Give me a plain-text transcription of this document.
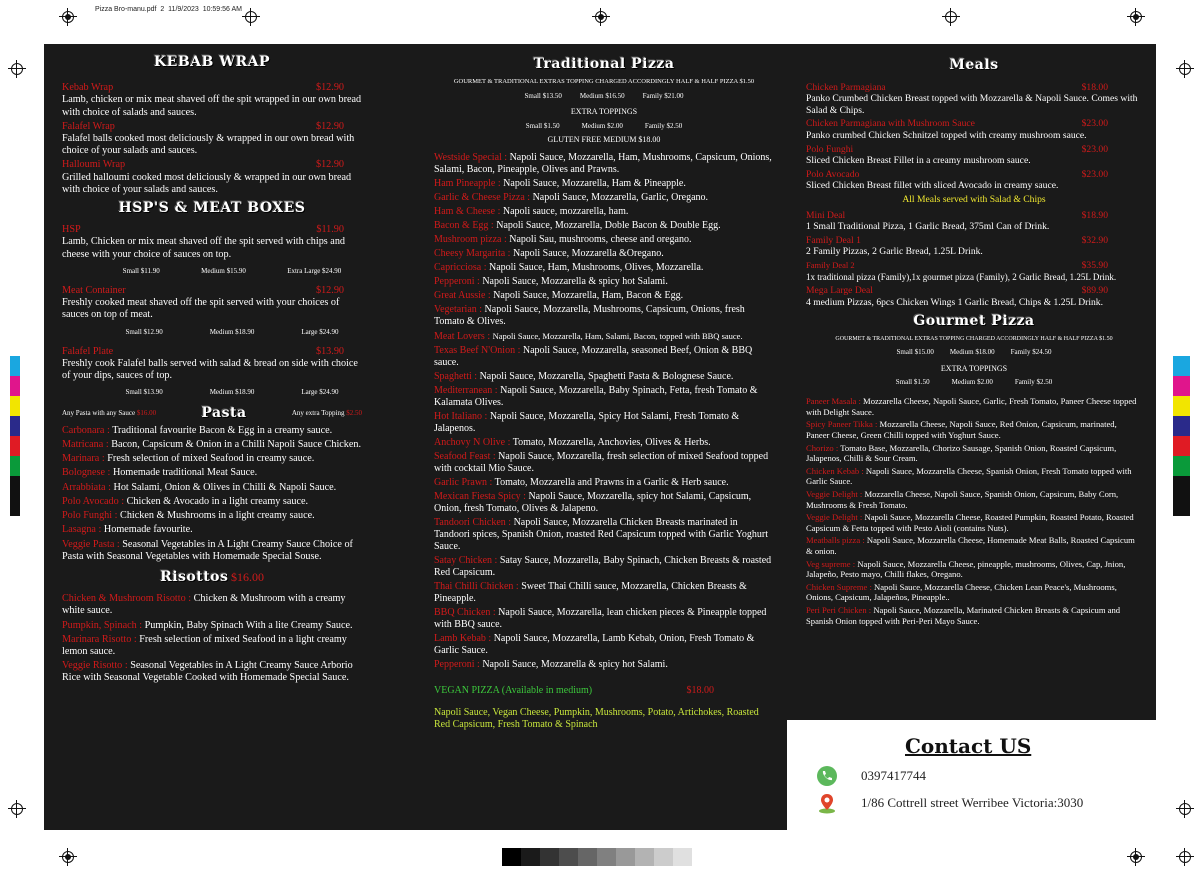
Pizza Bro-manu.pdf 2 11/9/2023 10:59:56 AM
KEBAB WRAP
Kebab Wrap	$12.90
Lamb, chicken or mix meat shaved off the spit wrapped in our own bread with choice of salads and sauces.
Falafel Wrap	$12.90
Falafel balls cooked most deliciously & wrapped in our own bread with choice of your salads and sauces.
Halloumi Wrap	$12.90
Grilled halloumi cooked most deliciously & wrapped in our own bread with choice of your salads and sauces.
HSP'S & MEAT BOXES
HSP	$11.90
Lamb, Chicken or mix meat shaved off the spit served with chips and cheese with your choice of sauces on top.
Small $11.90	Medium $15.90	Extra Large $24.90
Meat Container	$12.90
Freshly cooked meat shaved off the spit served with your choices of sauces on top of meat.
Small $12.90	Medium $18.90	Large $24.90
Falafel Plate	$13.90
Freshly cook Falafel balls served with salad & bread on side with choice of your dips, sauces of top.
Small $13.90	Medium $18.90	Large $24.90
Any Pasta with any Sauce $16.00	Pasta	Any extra Topping $2.50
Carbonara : Traditional favourite Bacon & Egg in a creamy sauce.
Matricana : Bacon, Capsicum & Onion in a Chilli Napoli Sauce Chicken.
Marinara : Fresh selection of mixed Seafood in creamy sauce.
Bolognese : Homemade traditional Meat Sauce.
Arrabbiata : Hot Salami, Onion & Olives in Chilli & Napoli Sauce.
Polo Avocado : Chicken & Avocado in a light creamy sauce.
Polo Funghi : Chicken & Mushrooms in a light creamy sauce.
Lasagna : Homemade favourite.
Veggie Pasta : Seasonal Vegetables in A Light Creamy Sauce Choice of Pasta with Seasonal Vegetables with Homemade Special Souse.
Risottos $16.00
Chicken & Mushroom Risotto : Chicken & Mushroom with a creamy white sauce.
Pumpkin, Spinach : Pumpkin, Baby Spinach With a lite Creamy Sauce.
Marinara Risotto : Fresh selection of mixed Seafood in a light creamy lemon sauce.
Veggie Risotto : Seasonal Vegetables in A Light Creamy Sauce Arborio Rice with Seasonal Vegetable Cooked with Homemade Special Sauce.
Traditional Pizza
GOURMET & TRADITIONAL EXTRAS TOPPING CHARGED ACCORDINGLY HALF & HALF PIZZA $1.50
Small $13.50	Medium $16.50	Family $21.00
EXTRA TOPPINGS
Small $1.50	Medium $2.00	Family $2.50
GLUTEN FREE MEDIUM $18.00
Westside Special : Napoli Sauce, Mozzarella, Ham, Mushrooms, Capsicum, Onions, Salami, Bacon, Pineapple, Olives and Prawns.
Ham Pineapple : Napoli Sauce, Mozzarella, Ham & Pineapple.
Garlic & Cheese Pizza : Napoli Sauce, Mozzarella, Garlic, Oregano.
Ham & Cheese : Napoli sauce, mozzarella, ham.
Bacon & Egg : Napoli Sauce, Mozzarella, Doble Bacon & Double Egg.
Mushroom pizza : Napoli Sau, mushrooms, cheese and oregano.
Cheesy Margarita : Napoli Sauce, Mozzarella &Oregano.
Capricciosa : Napoli Sauce, Ham, Mushrooms, Olives, Mozzarella.
Pepperoni : Napoli Sauce, Mozzarella & spicy hot Salami.
Great Aussie : Napoli Sauce, Mozzarella, Ham, Bacon & Egg.
Vegetarian : Napoli Sauce, Mozzarella, Mushrooms, Capsicum, Onions, fresh Tomato & Olives.
Meat Lovers : Napoli Sauce, Mozzarella, Ham, Salami, Bacon, topped with BBQ sauce.
Texas Beef N'Onion : Napoli Sauce, Mozzarella, seasoned Beef, Onion & BBQ sauce.
Spaghetti : Napoli Sauce, Mozzarella, Spaghetti Pasta & Bolognese Sauce.
Mediterranean : Napoli Sauce, Mozzarella, Baby Spinach, Fetta, fresh Tomato & Kalamata Olives.
Hot Italiano : Napoli Sauce, Mozzarella, Spicy Hot Salami, Fresh Tomato & Jalapenos.
Anchovy N Olive : Tomato, Mozzarella, Anchovies, Olives & Herbs.
Seafood Feast : Napoli Sauce, Mozzarella, fresh selection of mixed Seafood topped with cocktail Mio Sauce.
Garlic Prawn : Tomato, Mozzarella and Prawns in a Garlic & Herb sauce.
Mexican Fiesta Spicy : Napoli Sauce, Mozzarella, spicy hot Salami, Capsicum, Onion, fresh Tomato, Olives & Jalapeno.
Tandoori Chicken : Napoli Sauce, Mozzarella Chicken Breasts marinated in Tandoori spices, Spanish Onion, roasted Red Capsicum topped with Garlic Yoghurt Sauce.
Satay Chicken : Satay Sauce, Mozzarella, Baby Spinach, Chicken Breasts & roasted Red Capsicum.
Thai Chilli Chicken : Sweet Thai Chilli sauce, Mozzarella, Chicken Breasts & Pineapple.
BBQ Chicken : Napoli Sauce, Mozzarella, lean chicken pieces & Pineapple topped with BBQ sauce.
Lamb Kebab : Napoli Sauce, Mozzarella, Lamb Kebab, Onion, Fresh Tomato & Garlic Sauce.
Pepperoni : Napoli Sauce, Mozzarella & spicy hot Salami.
VEGAN PIZZA (Available in medium)	$18.00
Napoli Sauce, Vegan Cheese, Pumpkin, Mushrooms, Potato, Artichokes, Roasted Red Capsicum, Fresh Tomato & Spinach
Meals
Chicken Parmagiana	$18.00
Panko Crumbed Chicken Breast topped with Mozzarella & Napoli Sauce. Comes with Salad & Chips.
Chicken Parmagiana with Mushroom Sauce	$23.00
Panko crumbed Chicken Schnitzel topped with creamy mushroom sauce.
Polo Funghi	$23.00
Sliced Chicken Breast Fillet in a creamy mushroom sauce.
Polo Avocado	$23.00
Sliced Chicken Breast fillet with sliced Avocado in creamy sauce.
All Meals served with Salad & Chips
Mini Deal	$18.90
1 Small Traditional Pizza, 1 Garlic Bread, 375ml Can of Drink.
Family Deal 1	$32.90
2 Family Pizzas, 2 Garlic Bread, 1.25L Drink.
Family Deal 2	$35.90
1x traditional pizza (Family),1x gourmet pizza (Family), 2 Garlic Bread, 1.25L Drink.
Mega Large Deal	$89.90
4 medium Pizzas, 6pcs Chicken Wings 1 Garlic Bread, Chips & 1.25L Drink.
Gourmet Pizza
GOURMET & TRADITIONAL EXTRAS TOPPING CHARGED ACCORDINGLY HALF & HALF PIZZA $1.50
Small $15.00 Medium $18.00 Family $24.50
EXTRA TOPPINGS
Small $1.50	Medium $2.00	Family $2.50
Paneer Masala : Mozzarella Cheese, Napoli Sauce, Garlic, Fresh Tomato, Paneer Cheese topped with Delight Sauce.
Spicy Paneer Tikka : Mozzarella Cheese, Napoli Sauce, Red Onion, Capsicum, marinated, Paneer Cheese, Green Chilli topped with Yoghurt Sauce.
Chorizo : Tomato Base, Mozzarella, Chorizo Sausage, Spanish Onion, Roasted Capsicum, Jalapenos, Chilli & Sour Cream.
Chicken Kebab : Napoli Sauce, Mozzarella Cheese, Spanish Onion, Fresh Tomato topped with Garlic Sauce.
Veggie Delight : Mozzarella Cheese, Napoli Sauce, Spanish Onion, Capsicum, Baby Corn, Mushrooms & Fresh Tomato.
Veggie Delight : Napoli Sauce, Mozzarella Cheese, Roasted Pumpkin, Roasted Potato, Roasted Capsicum & Fetta topped with Pesto Aioli (contains Nuts).
Meatballs pizza : Napoli Sauce, Mozzarella Cheese, Homemade Meat Balls, Roasted Capsicum & onion.
Veg supreme : Napoli Sauce, Mozzarella Cheese, pineapple, mushrooms, Olives, Cap, Jnion, Jalapeño, Pesto mayo, Chilli flakes, Oregano.
Chicken Supreme : Napoli Sauce, Mozzarella Cheese, Chicken Lean Peace's, Mushrooms, Onions, Capsicum, Jalapeños, Pineapple..
Peri Peri Chicken : Napoli Sauce, Mozzarella, Marinated Chicken Breasts & Capsicum and Spanish Onion topped with Peri-Peri Mayo Sauce.
Contact US
0397417744
1/86 Cottrell street Werribee Victoria:3030
